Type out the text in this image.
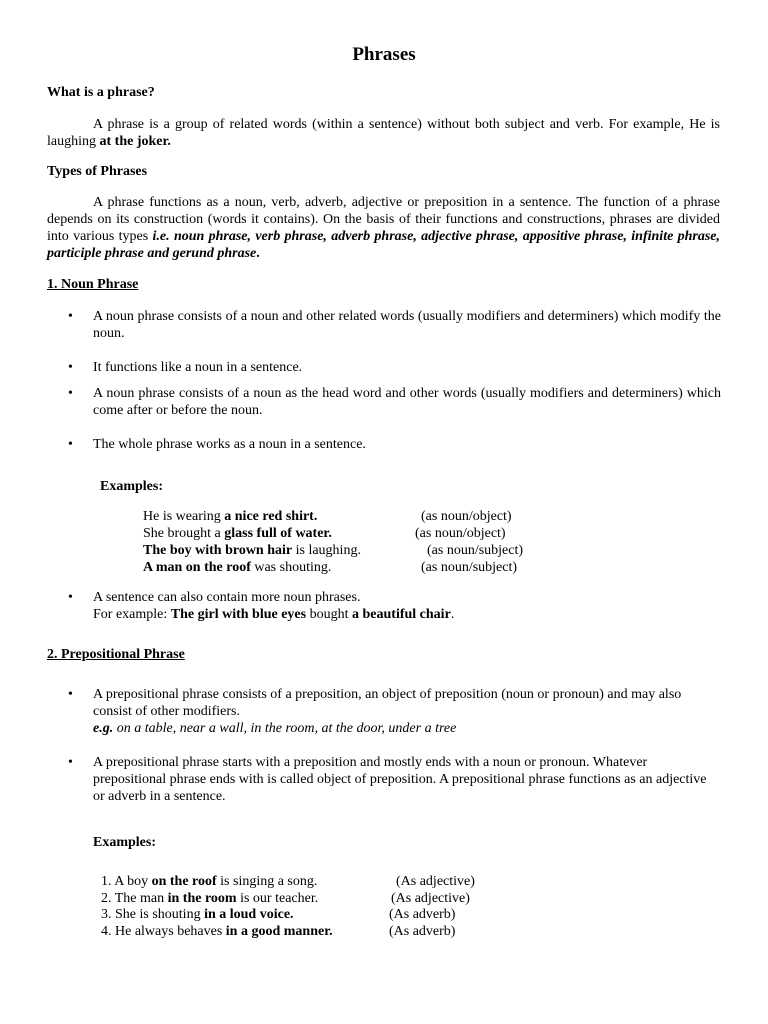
Phrases
What is a phrase?
A phrase is a group of related words (within a sentence) without both subject and verb. For example, He is laughing at the joker.
Types of Phrases
A phrase functions as a noun, verb, adverb, adjective or preposition in a sentence. The function of a phrase depends on its construction (words it contains). On the basis of their functions and constructions, phrases are divided into various types i.e. noun phrase, verb phrase, adverb phrase, adjective phrase, appositive phrase, infinite phrase, participle phrase and gerund phrase.
1. Noun Phrase
•	A noun phrase consists of a noun and other related words (usually modifiers and determiners) which modify the noun.
•	It functions like a noun in a sentence.
•	A noun phrase consists of a noun as the head word and other words (usually modifiers and determiners) which come after or before the noun.
•	The whole phrase works as a noun in a sentence.
Examples:
He is wearing a nice red shirt.	(as noun/object)
She brought a glass full of water.	(as noun/object)
The boy with brown hair is laughing.	(as noun/subject)
A man on the roof was shouting.	(as noun/subject)
•	A sentence can also contain more noun phrases.
For example: The girl with blue eyes bought a beautiful chair.
2. Prepositional Phrase
•	A prepositional phrase consists of a preposition, an object of preposition (noun or pronoun) and may also consist of other modifiers.
e.g. on a table, near a wall, in the room, at the door, under a tree
•	A prepositional phrase starts with a preposition and mostly ends with a noun or pronoun. Whatever prepositional phrase ends with is called object of preposition. A prepositional phrase functions as an adjective or adverb in a sentence.
Examples:
1. A boy on the roof is singing a song.	(As adjective)
2. The man in the room is our teacher.	(As adjective)
3. She is shouting in a loud voice.	(As adverb)
4. He always behaves in a good manner.	(As adverb)
